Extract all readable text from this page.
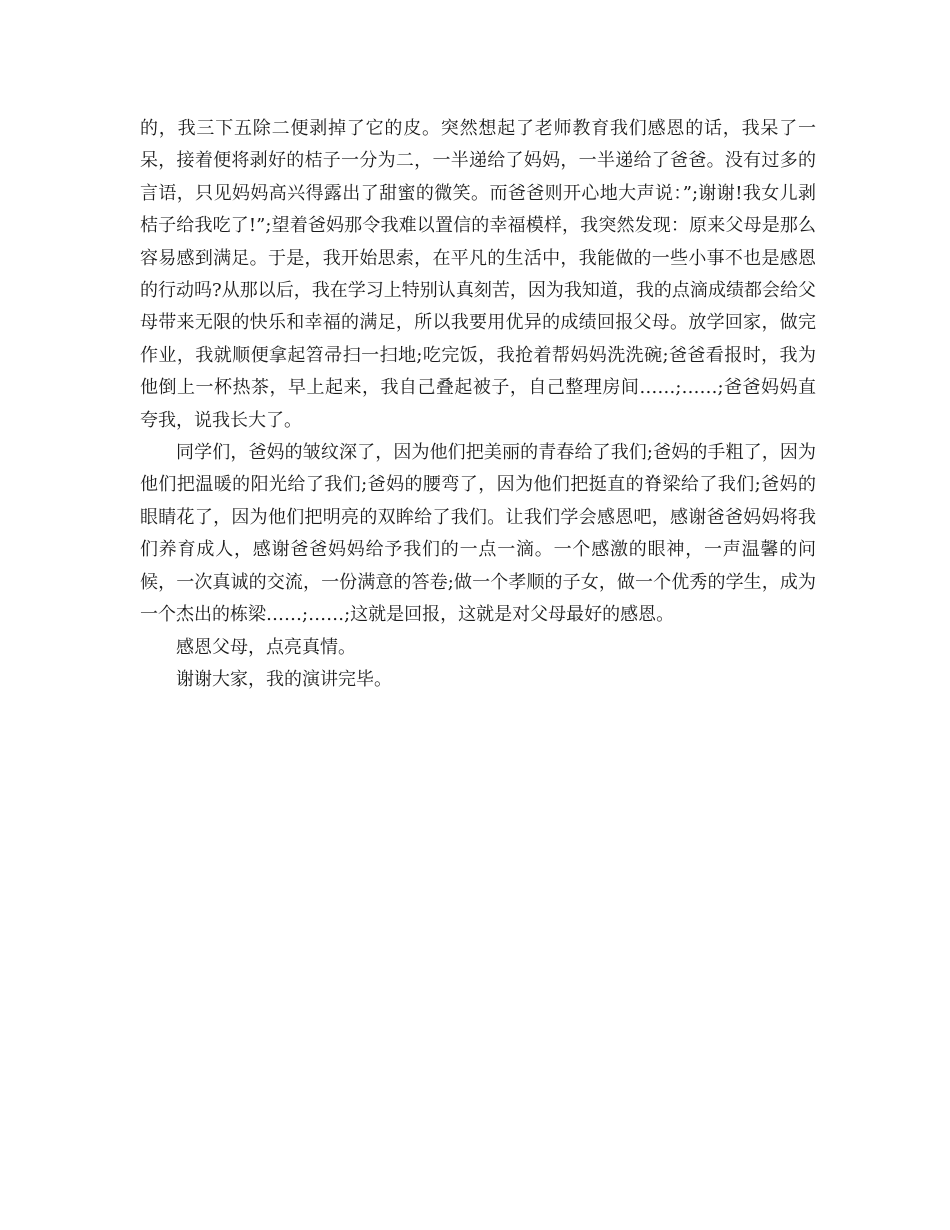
的，我三下五除二便剥掉了它的皮。突然想起了老师教育我们感恩的话，我呆了一呆，接着便将剥好的桔子一分为二，一半递给了妈妈，一半递给了爸爸。没有过多的言语，只见妈妈高兴得露出了甜蜜的微笑。而爸爸则开心地大声说：”;谢谢!我女儿剥桔子给我吃了!”;望着爸妈那令我难以置信的幸福模样，我突然发现：原来父母是那么容易感到满足。于是，我开始思索，在平凡的生活中，我能做的一些小事不也是感恩的行动吗?从那以后，我在学习上特别认真刻苦，因为我知道，我的点滴成绩都会给父母带来无限的快乐和幸福的满足，所以我要用优异的成绩回报父母。放学回家，做完作业，我就顺便拿起笤帚扫一扫地;吃完饭，我抢着帮妈妈洗洗碗;爸爸看报时，我为他倒上一杯热茶，早上起来，我自己叠起被子，自己整理房间……;……;爸爸妈妈直夸我，说我长大了。

同学们，爸妈的皱纹深了，因为他们把美丽的青春给了我们;爸妈的手粗了，因为他们把温暖的阳光给了我们;爸妈的腰弯了，因为他们把挺直的脊梁给了我们;爸妈的眼睛花了，因为他们把明亮的双眸给了我们。让我们学会感恩吧，感谢爸爸妈妈将我们养育成人，感谢爸爸妈妈给予我们的一点一滴。一个感激的眼神，一声温馨的问候，一次真诚的交流，一份满意的答卷;做一个孝顺的子女，做一个优秀的学生，成为一个杰出的栋梁……;……;这就是回报，这就是对父母最好的感恩。

感恩父母，点亮真情。

谢谢大家，我的演讲完毕。
